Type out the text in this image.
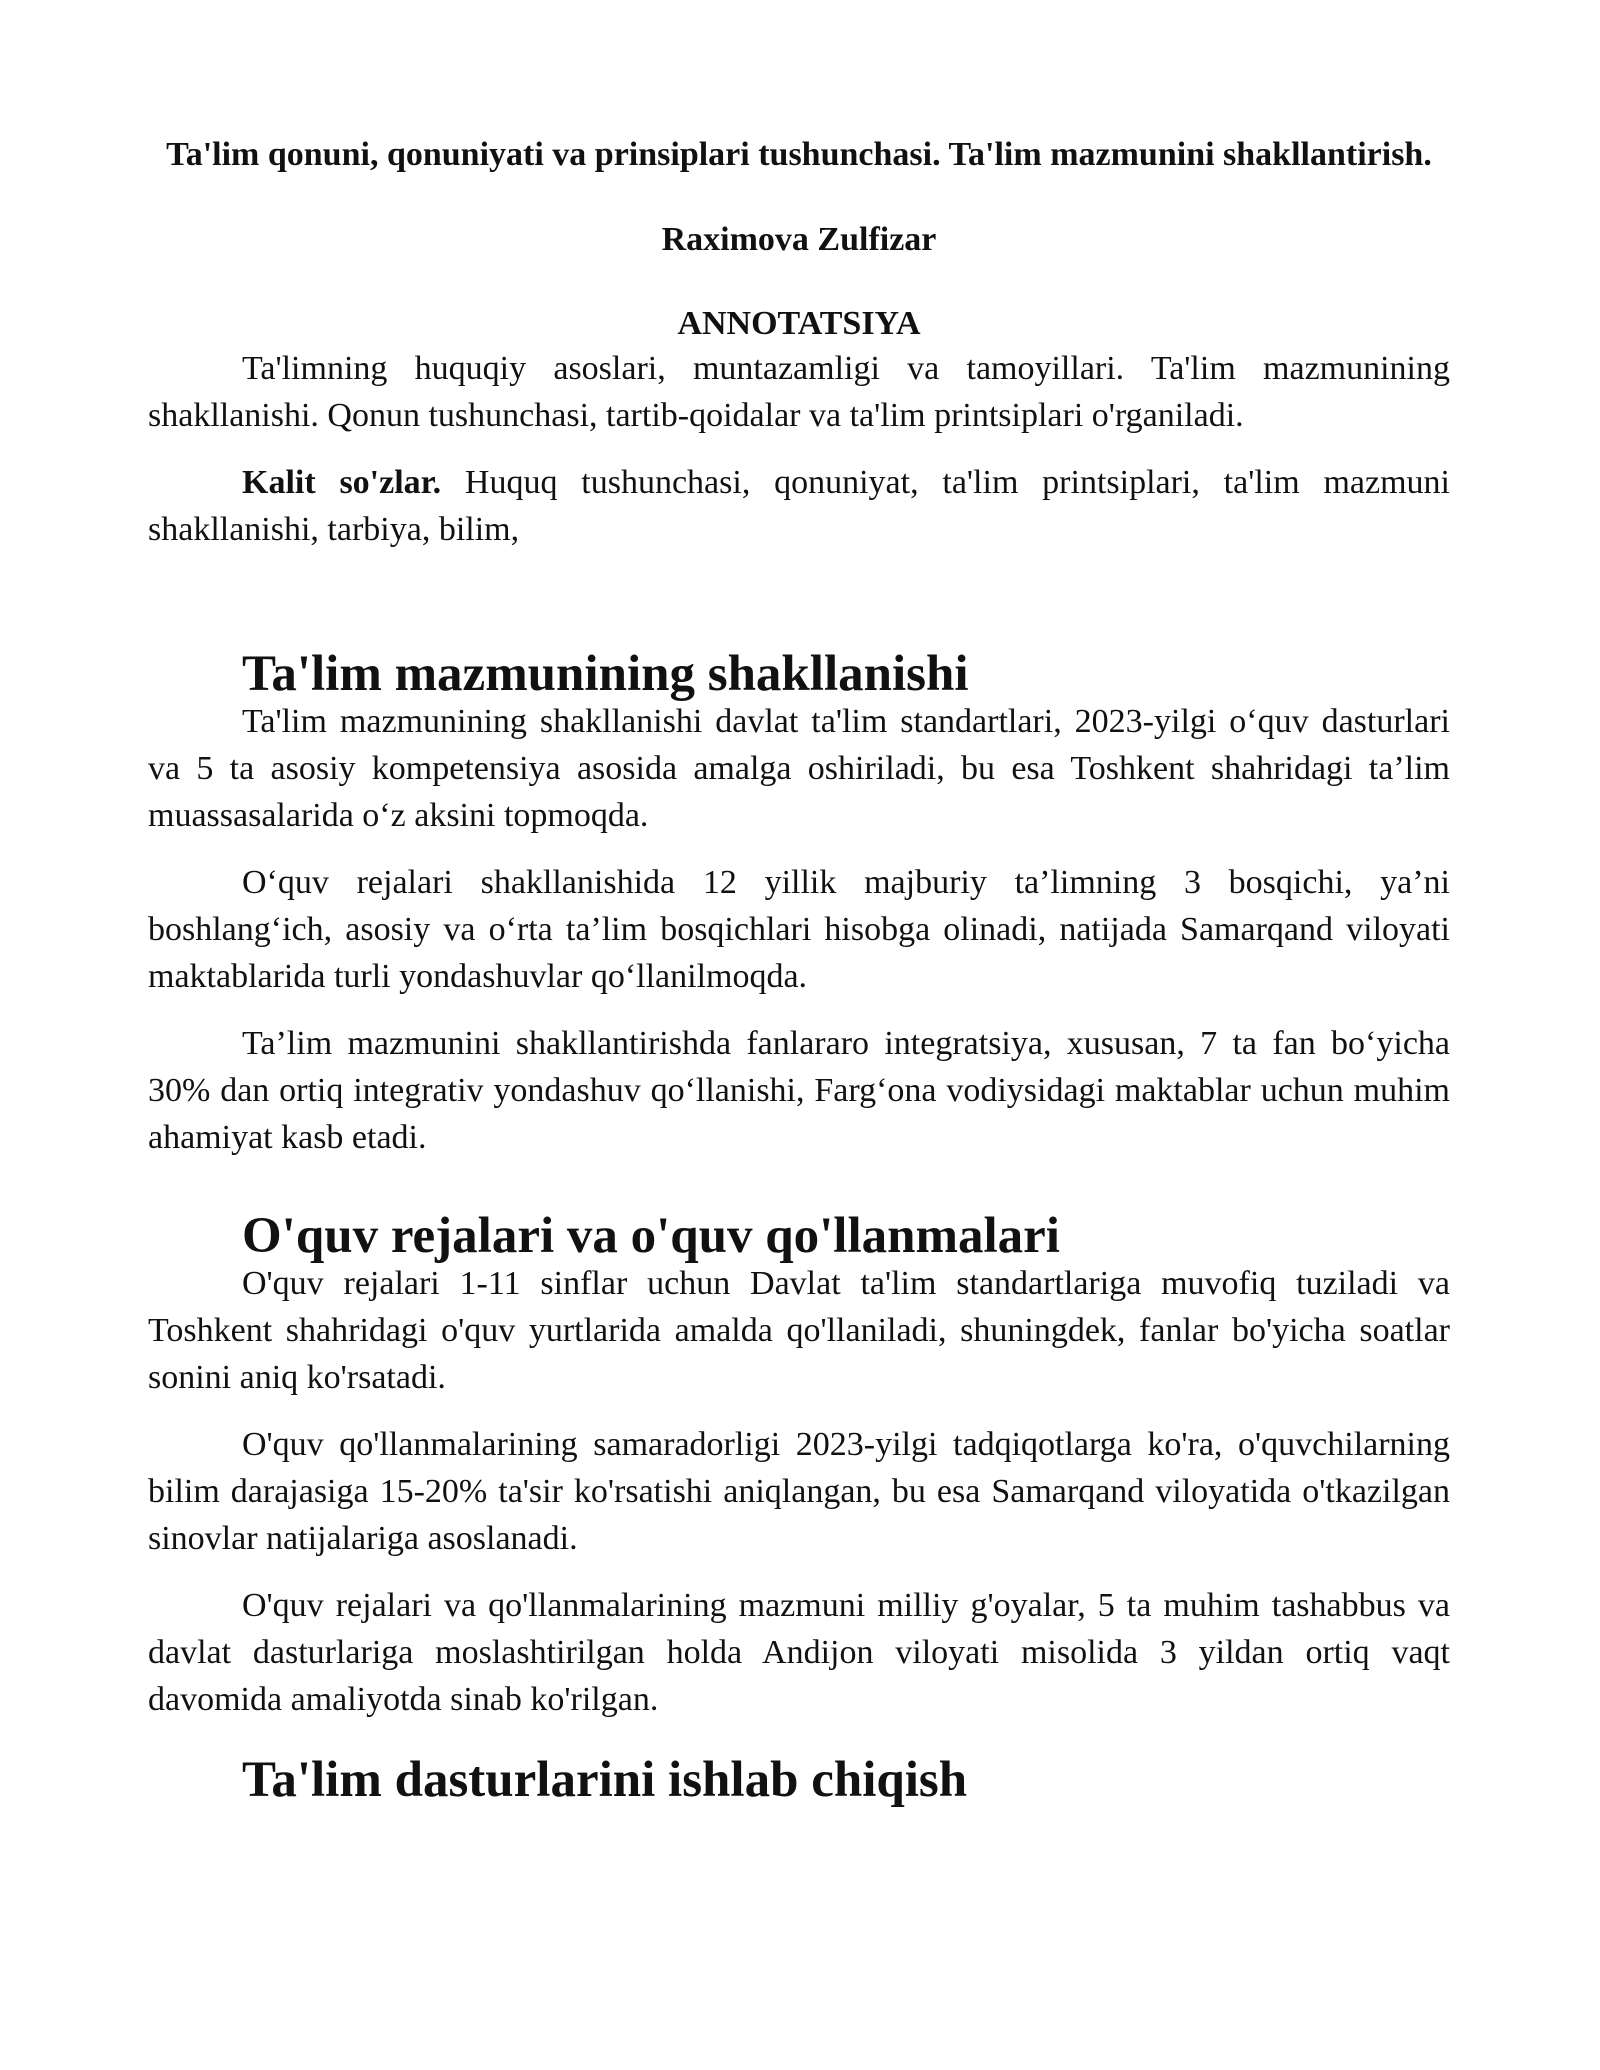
Ta'lim qonuni, qonuniyati va prinsiplari tushunchasi. Ta'lim mazmunini shakllantirish.
Raximova Zulfizar
ANNOTATSIYA

Ta'limning huquqiy asoslari, muntazamligi va tamoyillari. Ta'lim mazmunining shakllanishi. Qonun tushunchasi, tartib-qoidalar va ta'lim printsiplari o'rganiladi.

Kalit so'zlar. Huquq tushunchasi, qonuniyat, ta'lim printsiplari, ta'lim mazmuni shakllanishi, tarbiya, bilim,

Ta'lim mazmunining shakllanishi

Ta'lim mazmunining shakllanishi davlat ta'lim standartlari, 2023-yilgi o‘quv dasturlari va 5 ta asosiy kompetensiya asosida amalga oshiriladi, bu esa Toshkent shahridagi ta’lim muassasalarida o‘z aksini topmoqda.

O‘quv rejalari shakllanishida 12 yillik majburiy ta’limning 3 bosqichi, ya’ni boshlang‘ich, asosiy va o‘rta ta’lim bosqichlari hisobga olinadi, natijada Samarqand viloyati maktablarida turli yondashuvlar qo‘llanilmoqda.

Ta’lim mazmunini shakllantirishda fanlararo integratsiya, xususan, 7 ta fan bo‘yicha 30% dan ortiq integrativ yondashuv qo‘llanishi, Farg‘ona vodiysidagi maktablar uchun muhim ahamiyat kasb etadi.

O'quv rejalari va o'quv qo'llanmalari

O'quv rejalari 1-11 sinflar uchun Davlat ta'lim standartlariga muvofiq tuziladi va Toshkent shahridagi o'quv yurtlarida amalda qo'llaniladi, shuningdek, fanlar bo'yicha soatlar sonini aniq ko'rsatadi.

O'quv qo'llanmalarining samaradorligi 2023-yilgi tadqiqotlarga ko'ra, o'quvchilarning bilim darajasiga 15-20% ta'sir ko'rsatishi aniqlangan, bu esa Samarqand viloyatida o'tkazilgan sinovlar natijalariga asoslanadi.

O'quv rejalari va qo'llanmalarining mazmuni milliy g'oyalar, 5 ta muhim tashabbus va davlat dasturlariga moslashtirilgan holda Andijon viloyati misolida 3 yildan ortiq vaqt davomida amaliyotda sinab ko'rilgan.

Ta'lim dasturlarini ishlab chiqish
